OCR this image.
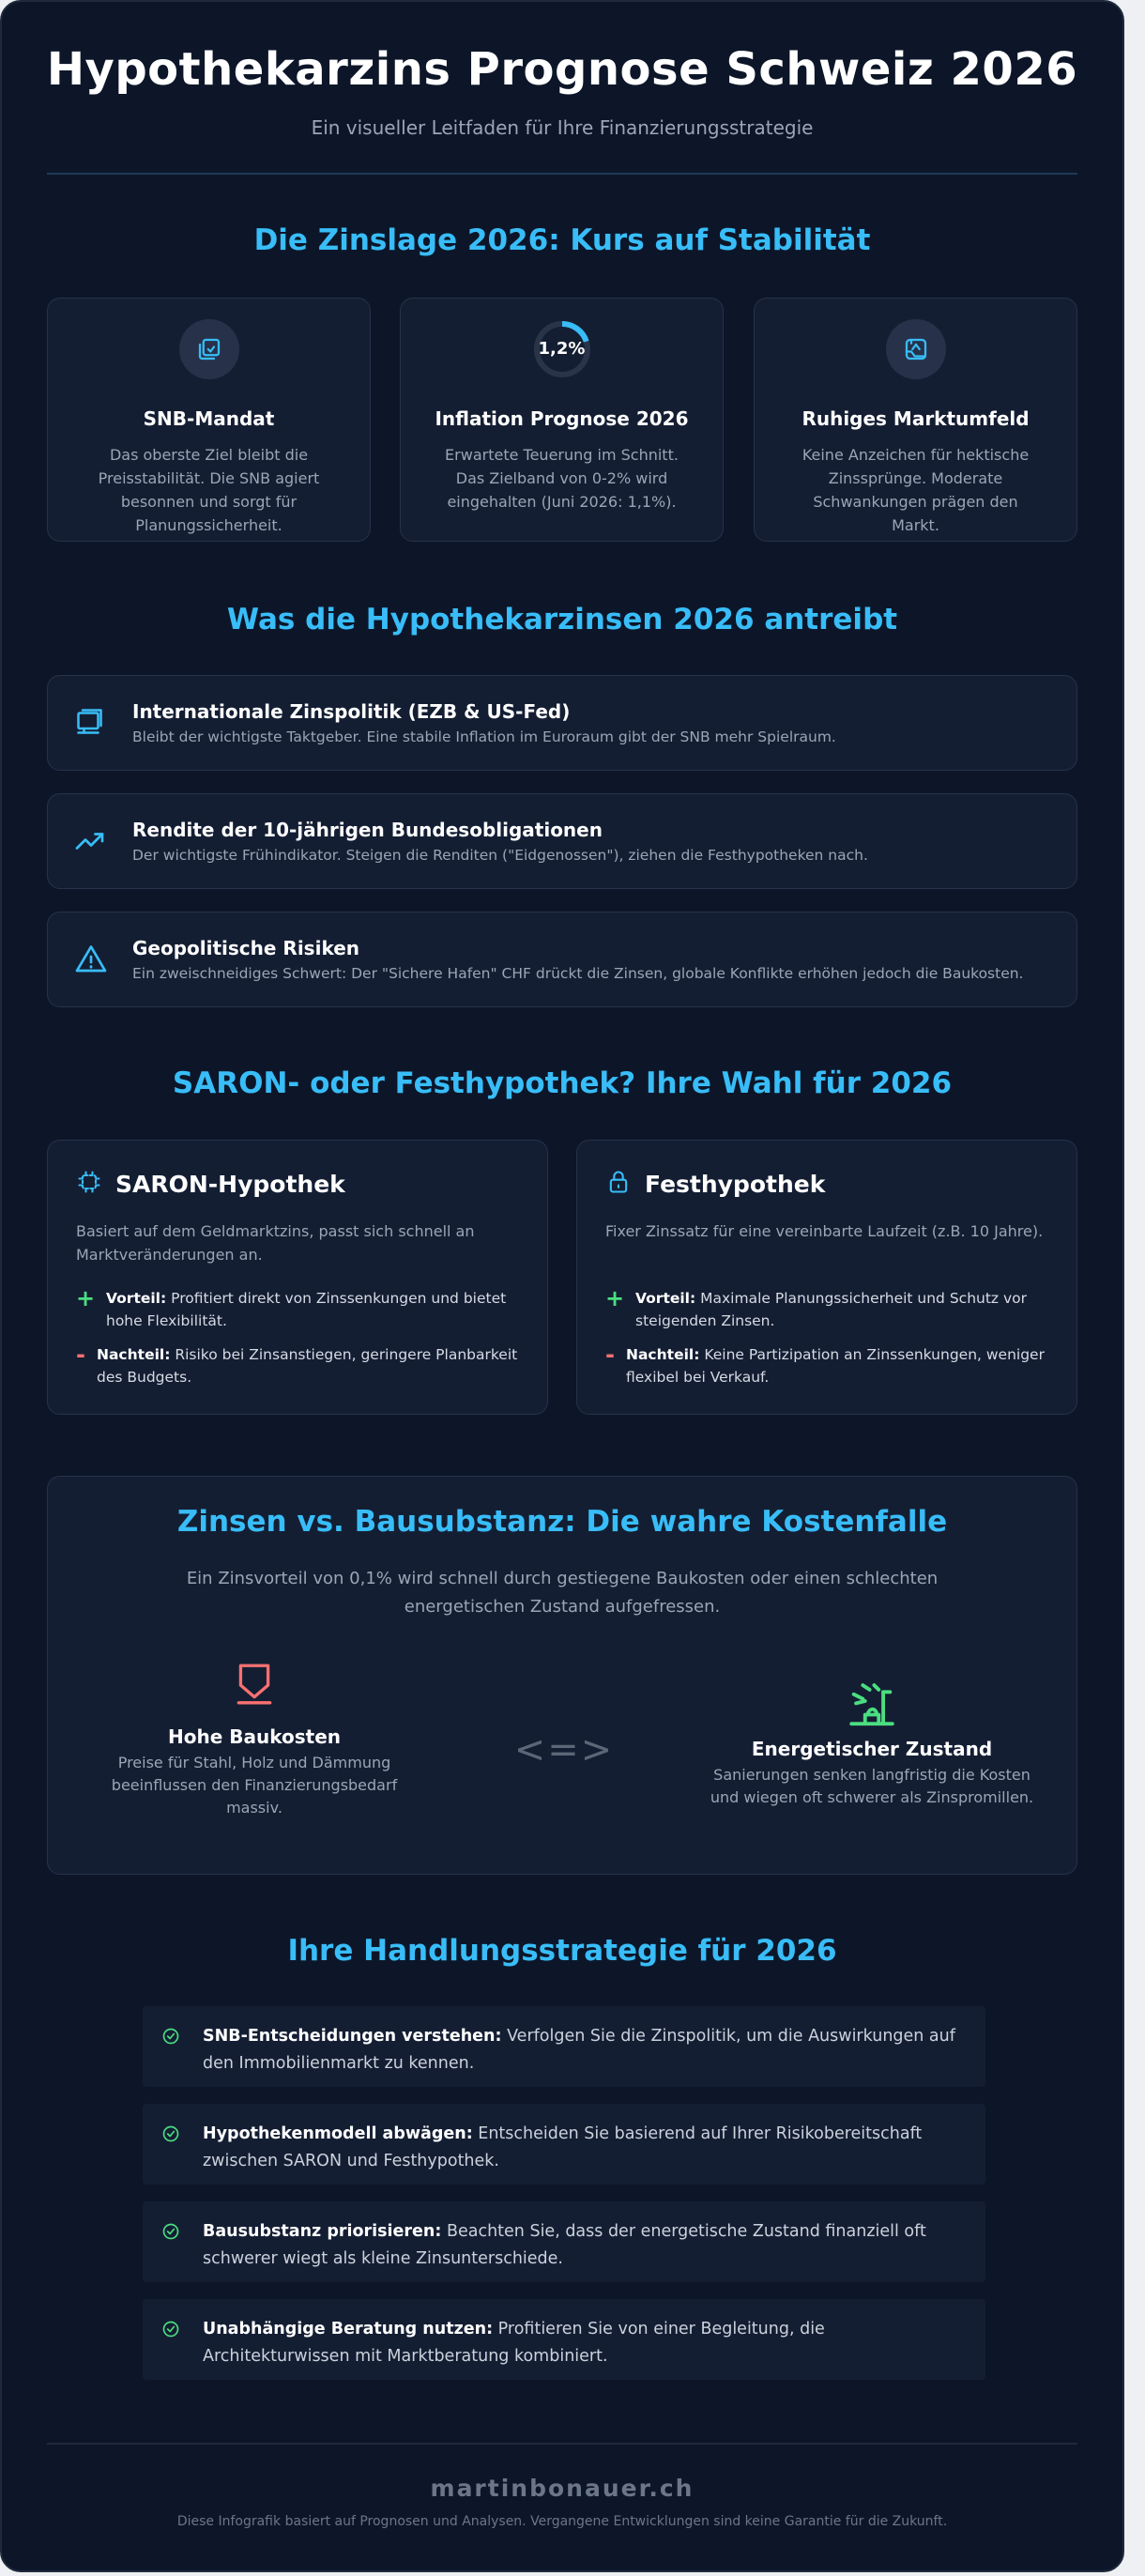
Hypothekarzins Prognose Schweiz 2026
Ein visueller Leitfaden für Ihre Finanzierungsstrategie
Die Zinslage 2026: Kurs auf Stabilität
SNB-Mandat

Das oberste Ziel bleibt die Preisstabilität. Die SNB agiert besonnen und sorgt für Planungssicherheit.

1,2%
Inflation Prognose 2026

Erwartete Teuerung im Schnitt. Das Zielband von 0-2% wird eingehalten (Juni 2026: 1,1%).

Ruhiges Marktumfeld

Keine Anzeichen für hektische Zinssprünge. Moderate Schwankungen prägen den Markt.

Was die Hypothekarzinsen 2026 antreibt
Internationale Zinspolitik (EZB & US-Fed)

Bleibt der wichtigste Taktgeber. Eine stabile Inflation im Euroraum gibt der SNB mehr Spielraum.

Rendite der 10-jährigen Bundesobligationen

Der wichtigste Frühindikator. Steigen die Renditen ("Eidgenossen"), ziehen die Festhypotheken nach.

Geopolitische Risiken

Ein zweischneidiges Schwert: Der "Sichere Hafen" CHF drückt die Zinsen, globale Konflikte erhöhen jedoch die Baukosten.

SARON- oder Festhypothek? Ihre Wahl für 2026
SARON-Hypothek
Basiert auf dem Geldmarktzins, passt sich schnell an Marktveränderungen an.
+ Vorteil: Profitiert direkt von Zinssenkungen und bietet hohe Flexibilität.
- Nachteil: Risiko bei Zinsanstiegen, geringere Planbarkeit des Budgets.
Festhypothek
Fixer Zinssatz für eine vereinbarte Laufzeit (z.B. 10 Jahre).
+ Vorteil: Maximale Planungssicherheit und Schutz vor steigenden Zinsen.
- Nachteil: Keine Partizipation an Zinssenkungen, weniger flexibel bei Verkauf.
Zinsen vs. Bausubstanz: Die wahre Kostenfalle
Ein Zinsvorteil von 0,1% wird schnell durch gestiegene Baukosten oder einen schlechten energetischen Zustand aufgefressen.
Hohe Baukosten
Preise für Stahl, Holz und Dämmung beeinflussen den Finanzierungsbedarf massiv.
<=>	Energetischer Zustand
Sanierungen senken langfristig die Kosten und wiegen oft schwerer als Zinspromillen.
Ihre Handlungsstrategie für 2026
SNB-Entscheidungen verstehen: Verfolgen Sie die Zinspolitik, um die Auswirkungen auf den Immobilienmarkt zu kennen.
Hypothekenmodell abwägen: Entscheiden Sie basierend auf Ihrer Risikobereitschaft zwischen SARON und Festhypothek.
Bausubstanz priorisieren: Beachten Sie, dass der energetische Zustand finanziell oft schwerer wiegt als kleine Zinsunterschiede.
Unabhängige Beratung nutzen: Profitieren Sie von einer Begleitung, die Architekturwissen mit Marktberatung kombiniert.
martinbonauer.ch
Diese Infografik basiert auf Prognosen und Analysen. Vergangene Entwicklungen sind keine Garantie für die Zukunft.
